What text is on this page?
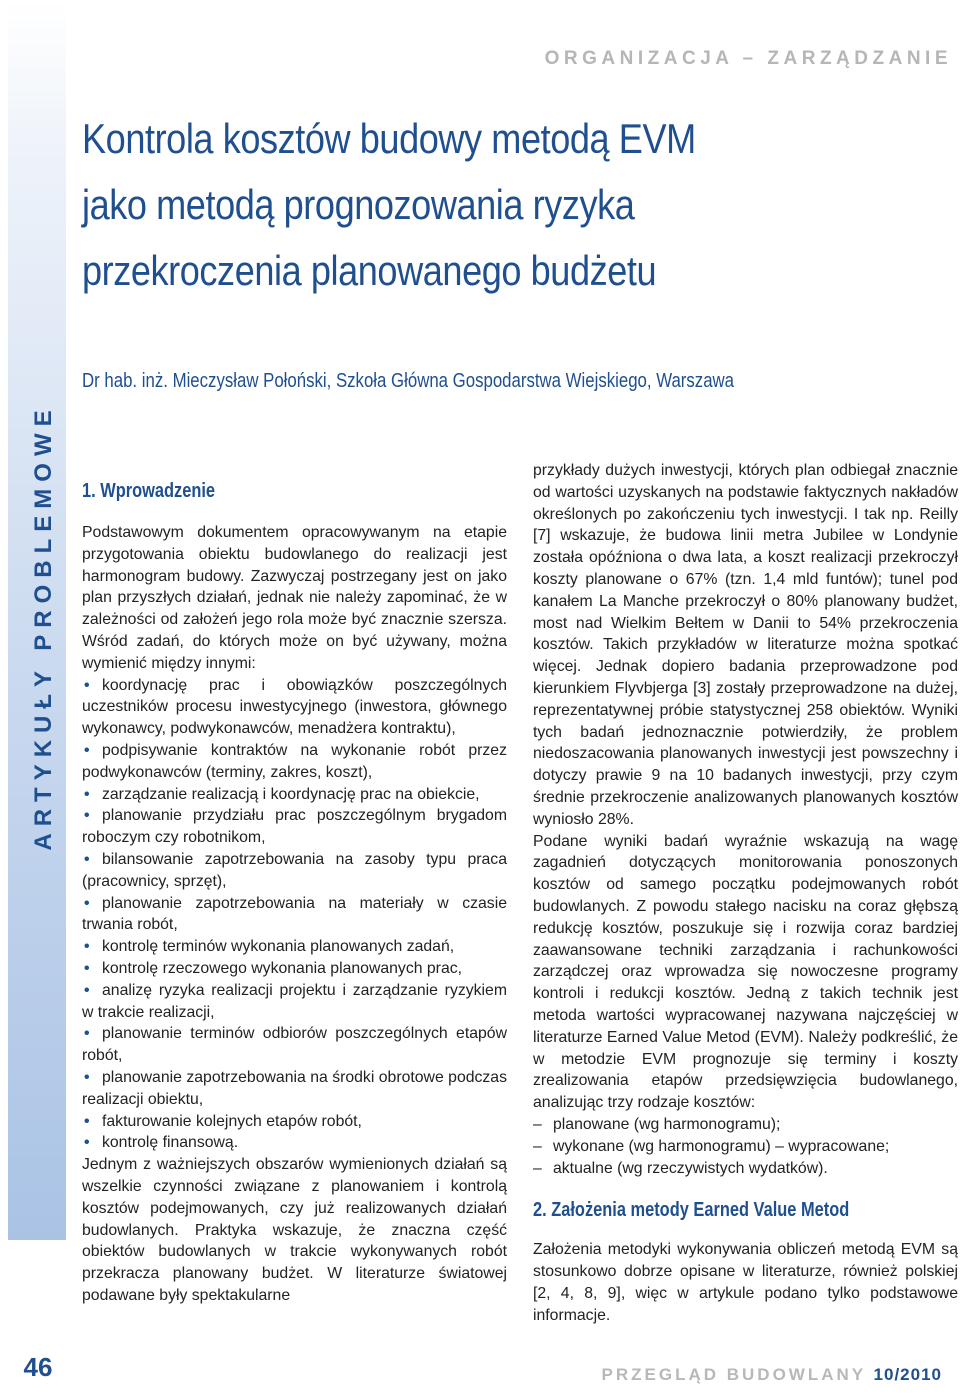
ARTYKUŁY PROBLEMOWE
46
ORGANIZACJA – ZARZĄDZANIE
Kontrola kosztów budowy metodą EVM
jako metodą prognozowania ryzyka
przekroczenia planowanego budżetu
Dr hab. inż. Mieczysław Połoński, Szkoła Główna Gospodarstwa Wiejskiego, Warszawa
1. Wprowadzenie

Podstawowym dokumentem opracowywanym na etapie przygotowania obiektu budowlanego do realizacji jest harmonogram budowy. Zazwyczaj postrzegany jest on jako plan przyszłych działań, jednak nie należy zapominać, że w zależności od założeń jego rola może być znacznie szersza. Wśród zadań, do których może on być używany, można wymienić między innymi:

• koordynację prac i obowiązków poszczególnych uczestników procesu inwestycyjnego (inwestora, głównego wykonawcy, podwykonawców, menadżera kontraktu),
• podpisywanie kontraktów na wykonanie robót przez podwykonawców (terminy, zakres, koszt),
• zarządzanie realizacją i koordynację prac na obiekcie,
• planowanie przydziału prac poszczególnym brygadom roboczym czy robotnikom,
• bilansowanie zapotrzebowania na zasoby typu praca (pracownicy, sprzęt),
• planowanie zapotrzebowania na materiały w czasie trwania robót,
• kontrolę terminów wykonania planowanych zadań,
• kontrolę rzeczowego wykonania planowanych prac,
• analizę ryzyka realizacji projektu i zarządzanie ryzykiem w trakcie realizacji,
• planowanie terminów odbiorów poszczególnych etapów robót,
• planowanie zapotrzebowania na środki obrotowe podczas realizacji obiektu,
• fakturowanie kolejnych etapów robót,
• kontrolę finansową.

Jednym z ważniejszych obszarów wymienionych działań są wszelkie czynności związane z planowaniem i kontrolą kosztów podejmowanych, czy już realizowanych działań budowlanych. Praktyka wskazuje, że znaczna część obiektów budowlanych w trakcie wykonywanych robót przekracza planowany budżet. W literaturze światowej podawane były spektakularne

przykłady dużych inwestycji, których plan odbiegał znacznie od wartości uzyskanych na podstawie faktycznych nakładów określonych po zakończeniu tych inwestycji. I tak np. Reilly [7] wskazuje, że budowa linii metra Jubilee w Londynie została opóźniona o dwa lata, a koszt realizacji przekroczył koszty planowane o 67% (tzn. 1,4 mld funtów); tunel pod kanałem La Manche przekroczył o 80% planowany budżet, most nad Wielkim Bełtem w Danii to 54% przekroczenia kosztów. Takich przykładów w literaturze można spotkać więcej. Jednak dopiero badania przeprowadzone pod kierunkiem Flyvbjerga [3] zostały przeprowadzone na dużej, reprezentatywnej próbie statystycznej 258 obiektów. Wyniki tych badań jednoznacznie potwierdziły, że problem niedoszacowania planowanych inwestycji jest powszechny i dotyczy prawie 9 na 10 badanych inwestycji, przy czym średnie przekroczenie analizowanych planowanych kosztów wyniosło 28%.

Podane wyniki badań wyraźnie wskazują na wagę zagadnień dotyczących monitorowania ponoszonych kosztów od samego początku podejmowanych robót budowlanych. Z powodu stałego nacisku na coraz głębszą redukcję kosztów, poszukuje się i rozwija coraz bardziej zaawansowane techniki zarządzania i rachunkowości zarządczej oraz wprowadza się nowoczesne programy kontroli i redukcji kosztów. Jedną z takich technik jest metoda wartości wypracowanej nazywana najczęściej w literaturze Earned Value Metod (EVM). Należy podkreślić, że w metodzie EVM prognozuje się terminy i koszty zrealizowania etapów przedsięwzięcia budowlanego, analizując trzy rodzaje kosztów:

– planowane (wg harmonogramu);
– wykonane (wg harmonogramu) – wypracowane;
– aktualne (wg rzeczywistych wydatków).
2. Założenia metody Earned Value Metod

Założenia metodyki wykonywania obliczeń metodą EVM są stosunkowo dobrze opisane w literaturze, również polskiej [2, 4, 8, 9], więc w artykule podano tylko podstawowe informacje.

PRZEGLĄD BUDOWLANY 10/2010
